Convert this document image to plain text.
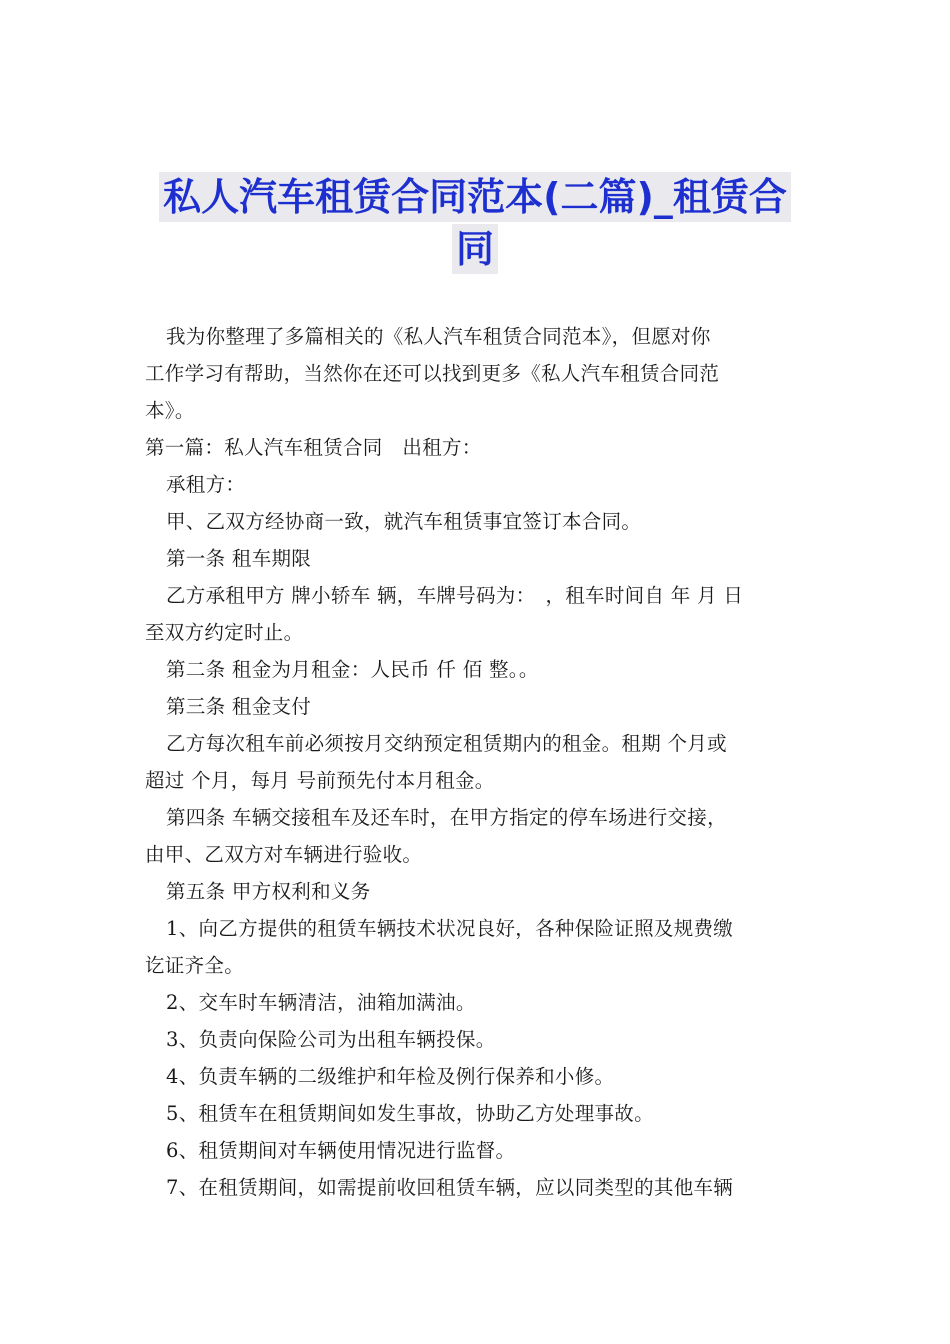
私人汽车租赁合同范本(二篇)_租赁合
同

我为你整理了多篇相关的《私人汽车租赁合同范本》，但愿对你
工作学习有帮助，当然你在还可以找到更多《私人汽车租赁合同范
本》。

第一篇：私人汽车租赁合同　出租方：

承租方：

甲、乙双方经协商一致，就汽车租赁事宜签订本合同。

第一条 租车期限

乙方承租甲方 牌小轿车 辆，车牌号码为：　，租车时间自 年 月 日
至双方约定时止。

第二条 租金为月租金：人民币 仟 佰 整。。

第三条 租金支付

乙方每次租车前必须按月交纳预定租赁期内的租金。租期 个月或
超过 个月，每月 号前预先付本月租金。

第四条 车辆交接租车及还车时，在甲方指定的停车场进行交接，
由甲、乙双方对车辆进行验收。

第五条 甲方权利和义务

1、向乙方提供的租赁车辆技术状况良好，各种保险证照及规费缴
讫证齐全。

2、交车时车辆清洁，油箱加满油。

3、负责向保险公司为出租车辆投保。

4、负责车辆的二级维护和年检及例行保养和小修。

5、租赁车在租赁期间如发生事故，协助乙方处理事故。

6、租赁期间对车辆使用情况进行监督。

7、在租赁期间，如需提前收回租赁车辆，应以同类型的其他车辆
